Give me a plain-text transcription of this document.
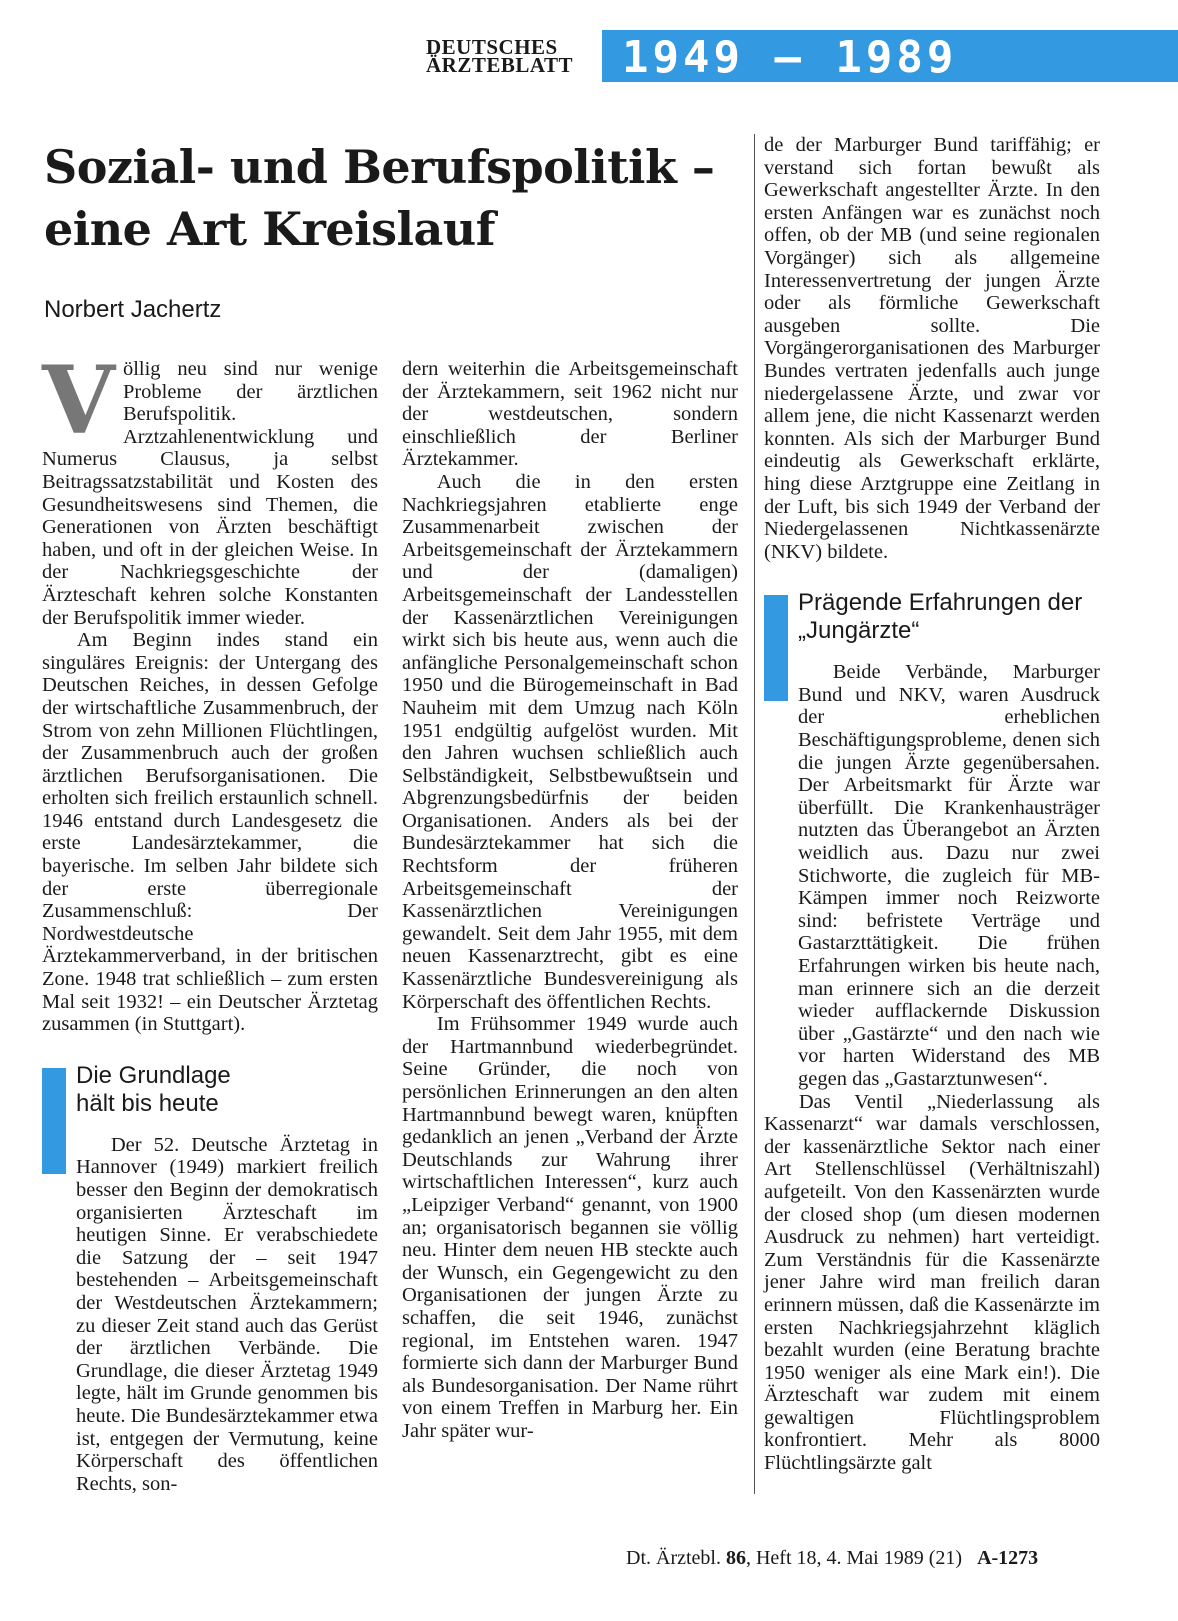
DEUTSCHES
ÄRZTEBLATT	1949 – 1989
Sozial- und Berufspolitik – eine Art Kreislauf
Norbert Jachertz

Völlig neu sind nur wenige Probleme der ärztlichen Berufspolitik. Arztzahlenentwicklung und Numerus Clausus, ja selbst Beitragssatzstabilität und Kosten des Gesundheitswesens sind Themen, die Generationen von Ärzten beschäftigt haben, und oft in der gleichen Weise. In der Nachkriegsgeschichte der Ärzteschaft kehren solche Konstanten der Berufspolitik immer wieder.

Am Beginn indes stand ein singuläres Ereignis: der Untergang des Deutschen Reiches, in dessen Gefolge der wirtschaftliche Zusammenbruch, der Strom von zehn Millionen Flüchtlingen, der Zusammenbruch auch der großen ärztlichen Berufsorganisationen. Die erholten sich freilich erstaunlich schnell. 1946 entstand durch Landesgesetz die erste Landesärztekammer, die bayerische. Im selben Jahr bildete sich der erste überregionale Zusammenschluß: Der Nordwestdeutsche Ärztekammerverband, in der britischen Zone. 1948 trat schließlich – zum ersten Mal seit 1932! – ein Deutscher Ärztetag zusammen (in Stuttgart).

Die Grundlage hält bis heute

Der 52. Deutsche Ärztetag in Hannover (1949) markiert freilich besser den Beginn der demokratisch organisierten Ärzteschaft im heutigen Sinne. Er verabschiedete die Satzung der – seit 1947 bestehenden – Arbeitsgemeinschaft der Westdeutschen Ärztekammern; zu dieser Zeit stand auch das Gerüst der ärztlichen Verbände. Die Grundlage, die dieser Ärztetag 1949 legte, hält im Grunde genommen bis heute. Die Bundesärztekammer etwa ist, entgegen der Vermutung, keine Körperschaft des öffentlichen Rechts, son-

dern weiterhin die Arbeitsgemeinschaft der Ärztekammern, seit 1962 nicht nur der westdeutschen, sondern einschließlich der Berliner Ärztekammer.

Auch die in den ersten Nachkriegsjahren etablierte enge Zusammenarbeit zwischen der Arbeitsgemeinschaft der Ärztekammern und der (damaligen) Arbeitsgemeinschaft der Landesstellen der Kassenärztlichen Vereinigungen wirkt sich bis heute aus, wenn auch die anfängliche Personalgemeinschaft schon 1950 und die Bürogemeinschaft in Bad Nauheim mit dem Umzug nach Köln 1951 endgültig aufgelöst wurden. Mit den Jahren wuchsen schließlich auch Selbständigkeit, Selbstbewußtsein und Abgrenzungsbedürfnis der beiden Organisationen. Anders als bei der Bundesärztekammer hat sich die Rechtsform der früheren Arbeitsgemeinschaft der Kassenärztlichen Vereinigungen gewandelt. Seit dem Jahr 1955, mit dem neuen Kassenarztrecht, gibt es eine Kassenärztliche Bundesvereinigung als Körperschaft des öffentlichen Rechts.

Im Frühsommer 1949 wurde auch der Hartmannbund wiederbegründet. Seine Gründer, die noch von persönlichen Erinnerungen an den alten Hartmannbund bewegt waren, knüpften gedanklich an jenen „Verband der Ärzte Deutschlands zur Wahrung ihrer wirtschaftlichen Interessen“, kurz auch „Leipziger Verband“ genannt, von 1900 an; organisatorisch begannen sie völlig neu. Hinter dem neuen HB steckte auch der Wunsch, ein Gegengewicht zu den Organisationen der jungen Ärzte zu schaffen, die seit 1946, zunächst regional, im Entstehen waren. 1947 formierte sich dann der Marburger Bund als Bundesorganisation. Der Name rührt von einem Treffen in Marburg her. Ein Jahr später wur-

de der Marburger Bund tariffähig; er verstand sich fortan bewußt als Gewerkschaft angestellter Ärzte. In den ersten Anfängen war es zunächst noch offen, ob der MB (und seine regionalen Vorgänger) sich als allgemeine Interessenvertretung der jungen Ärzte oder als förmliche Gewerkschaft ausgeben sollte. Die Vorgängerorganisationen des Marburger Bundes vertraten jedenfalls auch junge niedergelassene Ärzte, und zwar vor allem jene, die nicht Kassenarzt werden konnten. Als sich der Marburger Bund eindeutig als Gewerkschaft erklärte, hing diese Arztgruppe eine Zeitlang in der Luft, bis sich 1949 der Verband der Niedergelassenen Nichtkassenärzte (NKV) bildete.

Prägende Erfahrungen der „Jungärzte“

Beide Verbände, Marburger Bund und NKV, waren Ausdruck der erheblichen Beschäftigungsprobleme, denen sich die jungen Ärzte gegenübersahen. Der Arbeitsmarkt für Ärzte war überfüllt. Die Krankenhausträger nutzten das Überangebot an Ärzten weidlich aus. Dazu nur zwei Stichworte, die zugleich für MB-Kämpen immer noch Reizworte sind: befristete Verträge und Gastarzttätigkeit. Die frühen Erfahrungen wirken bis heute nach, man erinnere sich an die derzeit wieder aufflackernde Diskussion über „Gastärzte“ und den nach wie vor harten Widerstand des MB gegen das „Gastarztunwesen“.

Das Ventil „Niederlassung als Kassenarzt“ war damals verschlossen, der kassenärztliche Sektor nach einer Art Stellenschlüssel (Verhältniszahl) aufgeteilt. Von den Kassenärzten wurde der closed shop (um diesen modernen Ausdruck zu nehmen) hart verteidigt. Zum Verständnis für die Kassenärzte jener Jahre wird man freilich daran erinnern müssen, daß die Kassenärzte im ersten Nachkriegsjahrzehnt kläglich bezahlt wurden (eine Beratung brachte 1950 weniger als eine Mark ein!). Die Ärzteschaft war zudem mit einem gewaltigen Flüchtlingsproblem konfrontiert. Mehr als 8000 Flüchtlingsärzte galt

Dt. Ärztebl. 86, Heft 18, 4. Mai 1989 (21) A-1273
